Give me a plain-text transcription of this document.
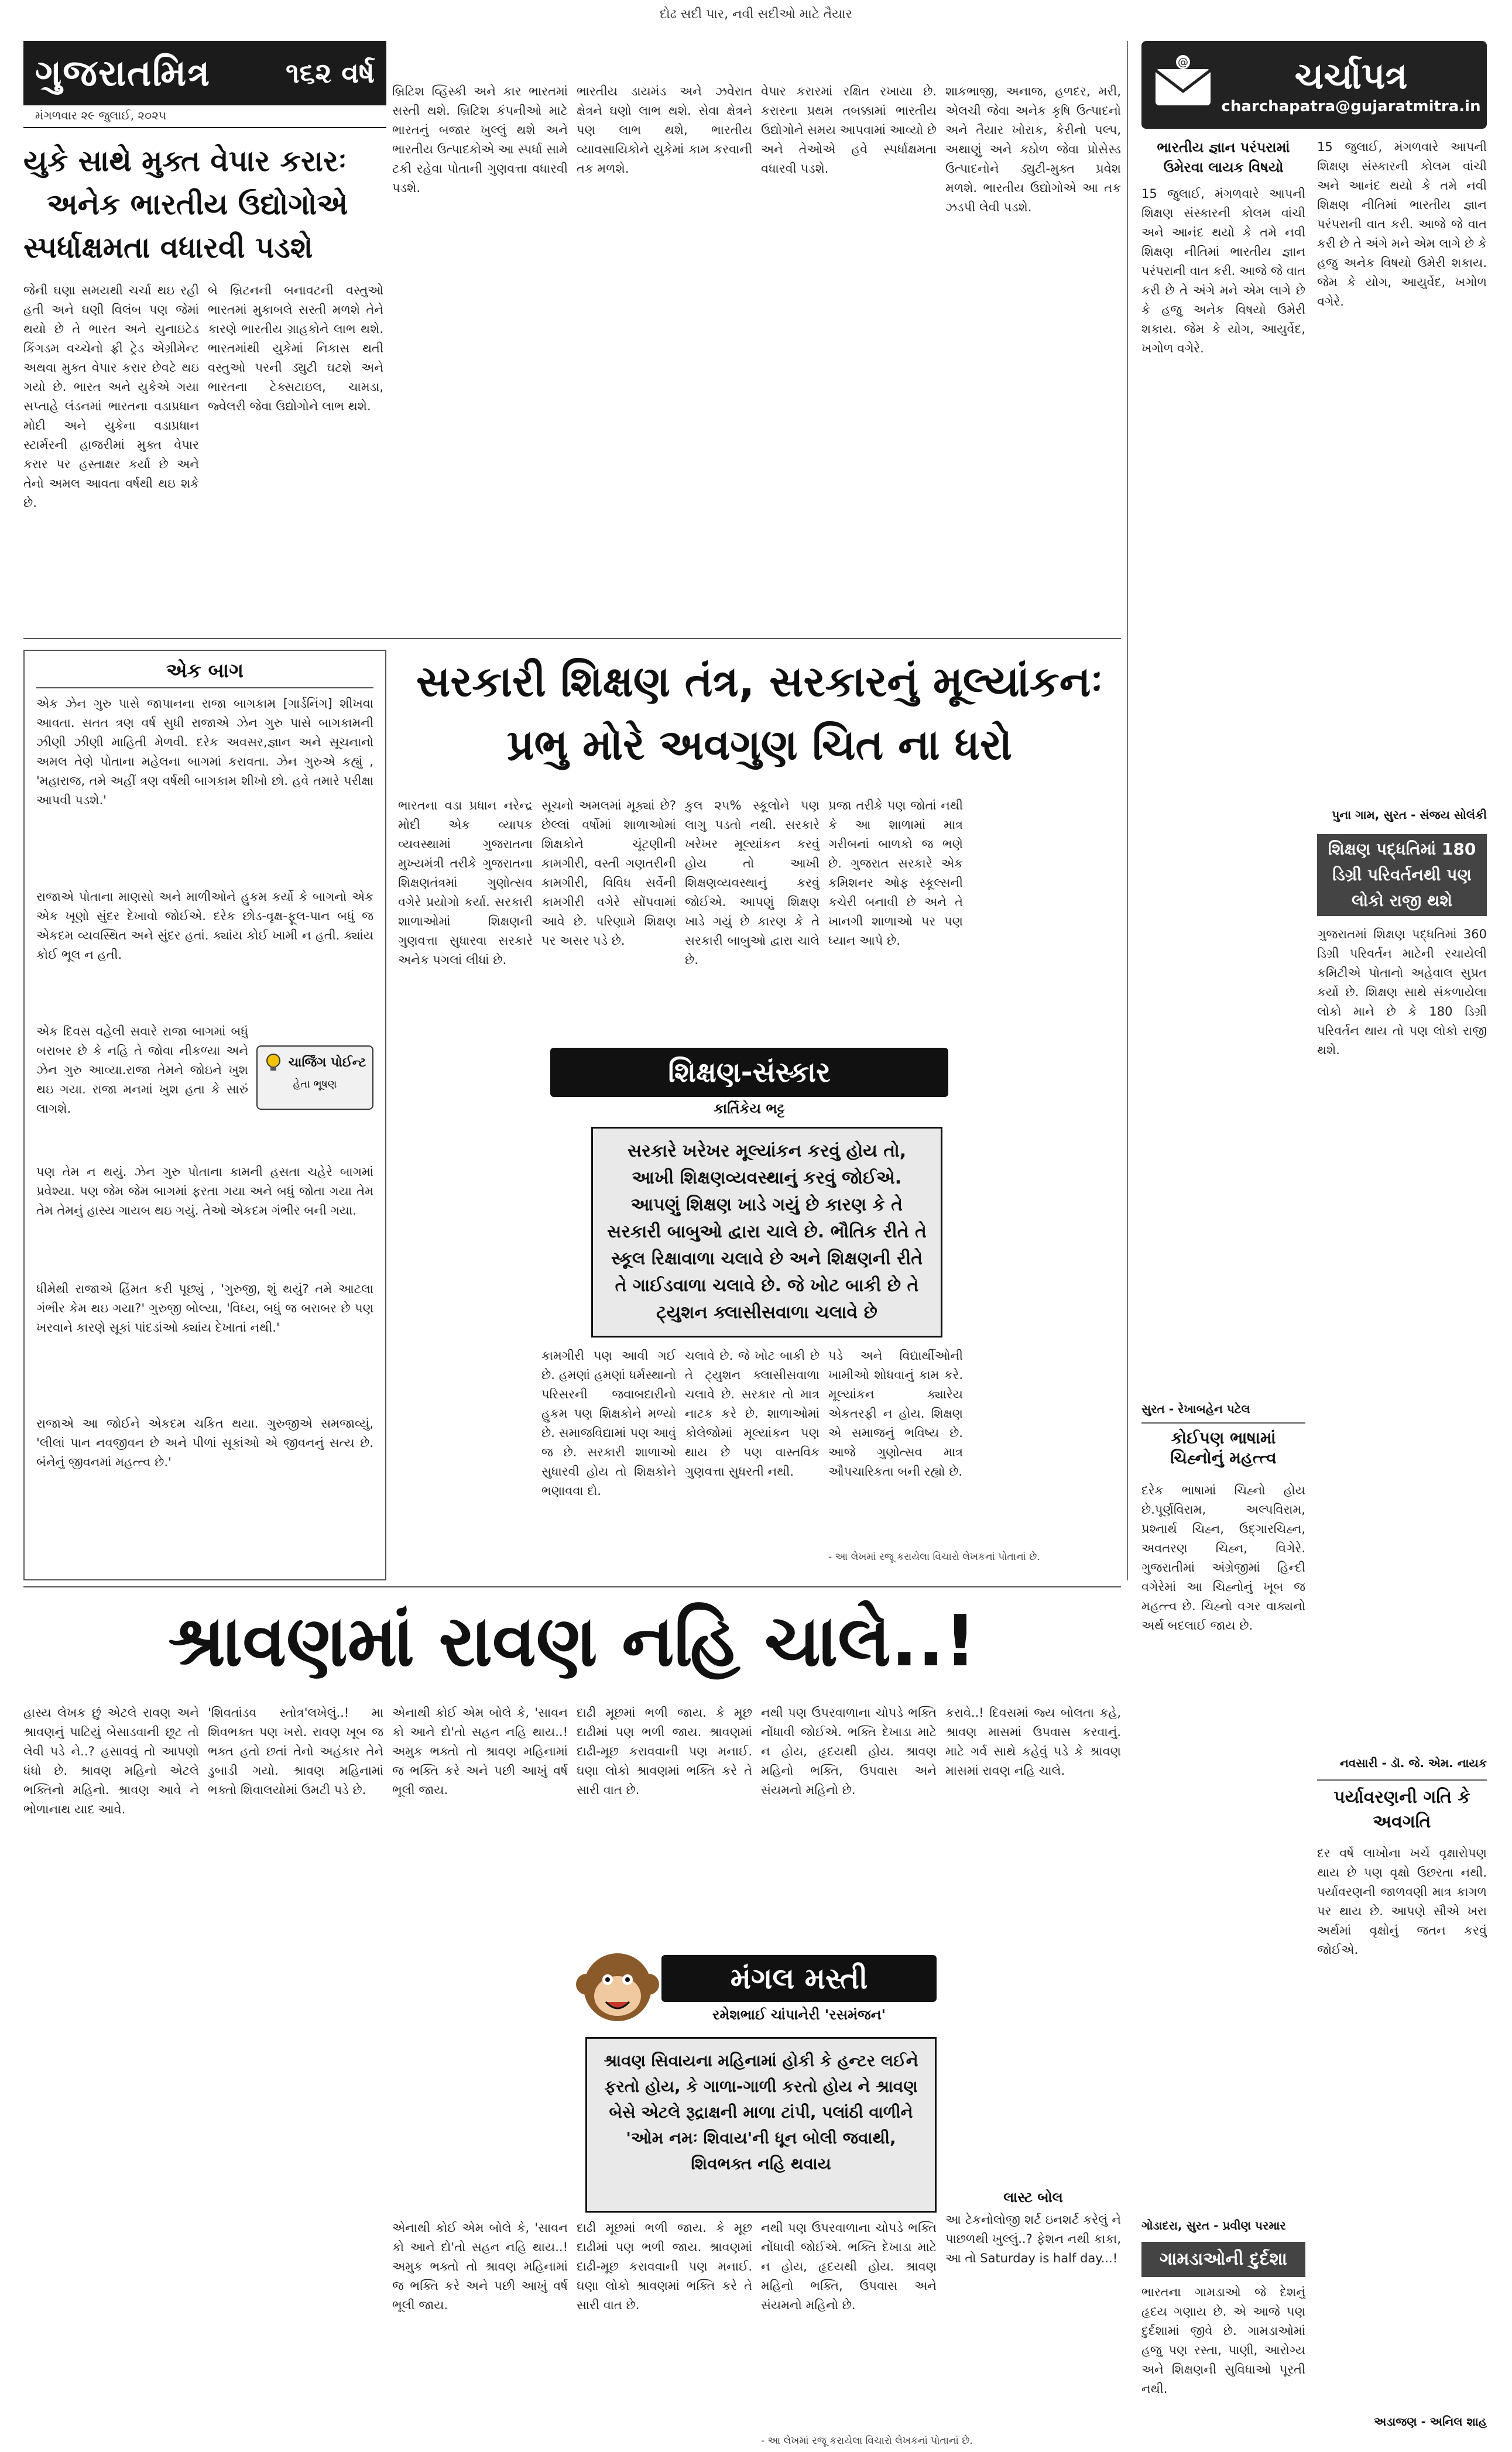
દોઢ સદી પાર, નવી સદીઓ માટે તૈયાર
ગુજરાતમિત્ર	૧૬૨ વર્ષ
મંગળવાર ૨૯ જુલાઈ, ૨૦૨૫
યુકે સાથે મુક્ત વેપાર કરારઃ
અનેક ભારતીય ઉદ્યોગોએ
સ્પર્ધાક્ષમતા વધારવી પડશે
જેની ઘણા સમયથી ચર્ચા થઇ રહી હતી અને ઘણી વિલંબ પણ જેમાં થયો છે તે ભારત અને યુનાઇટેડ કિંગડમ વચ્ચેનો ફ્રી ટ્રેડ એગ્રીમેન્ટ અથવા મુક્ત વેપાર કરાર છેવટે થઇ ગયો છે. ભારત અને યુકેએ ગયા સપ્તાહે લંડનમાં ભારતના વડાપ્રધાન મોદી અને યુકેના વડાપ્રધાન સ્ટાર્મરની હાજરીમાં મુક્ત વેપાર કરાર પર હસ્તાક્ષર કર્યા છે અને તેનો અમલ આવતા વર્ષથી થઇ શકે છે.
બે બ્રિટનની બનાવટની વસ્તુઓ ભારતમાં મુકાબલે સસ્તી મળશે તેને કારણે ભારતીય ગ્રાહકોને લાભ થશે. ભારતમાંથી યુકેમાં નિકાસ થતી વસ્તુઓ પરની ડ્યુટી ઘટશે અને ભારતના ટેક્સટાઇલ, ચામડા, જ્વેલરી જેવા ઉદ્યોગોને લાભ થશે.
બ્રિટિશ વ્હિસ્કી અને કાર ભારતમાં સસ્તી થશે. બ્રિટિશ કંપનીઓ માટે ભારતનું બજાર ખુલ્લું થશે અને ભારતીય ઉત્પાદકોએ આ સ્પર્ધા સામે ટકી રહેવા પોતાની ગુણવત્તા વધારવી પડશે.
ભારતીય ડાયમંડ અને ઝવેરાત ક્ષેત્રને ઘણો લાભ થશે. સેવા ક્ષેત્રને પણ લાભ થશે, ભારતીય વ્યાવસાયિકોને યુકેમાં કામ કરવાની તક મળશે.
વેપાર કરારમાં રક્ષિત રખાયા છે. કરારના પ્રથમ તબક્કામાં ભારતીય ઉદ્યોગોને સમય આપવામાં આવ્યો છે અને તેઓએ હવે સ્પર્ધાક્ષમતા વધારવી પડશે.
શાકભાજી, અનાજ, હળદર, મરી, એલચી જેવા અનેક કૃષિ ઉત્પાદનો અને તૈયાર ખોરાક, કેરીનો પલ્પ, અથાણું અને કઠોળ જેવા પ્રોસેસ્ડ ઉત્પાદનોને ડ્યુટી-મુક્ત પ્રવેશ મળશે. ભારતીય ઉદ્યોગોએ આ તક ઝડપી લેવી પડશે.
એક બાગ
એક ઝેન ગુરુ પાસે જાપાનના રાજા બાગકામ [ગાર્ડનિંગ] શીખવા આવતા. સતત ત્રણ વર્ષ સુધી રાજાએ ઝેન ગુરુ પાસે બાગકામની ઝીણી ઝીણી માહિતી મેળવી. દરેક અવસર,જ્ઞાન અને સૂચનાનો અમલ તેણે પોતાના મહેલના બાગમાં કરાવતા. ઝેન ગુરુએ કહ્યું , 'મહારાજ, તમે અહીં ત્રણ વર્ષથી બાગકામ શીખો છો. હવે તમારે પરીક્ષા આપવી પડશે.'
રાજાએ પોતાના માણસો અને માળીઓને હુકમ કર્યો કે બાગનો એક એક ખૂણો સુંદર દેખાવો જોઈએ. દરેક છોડ-વૃક્ષ-ફૂલ-પાન બધું જ એકદમ વ્યવસ્થિત અને સુંદર હતાં. ક્યાંય કોઈ ખામી ન હતી. ક્યાંય કોઈ ભૂલ ન હતી.
એક દિવસ વહેલી સવારે રાજા બાગમાં બધું બરાબર છે કે નહિ તે જોવા નીકળ્યા અને ઝેન ગુરુ આવ્યા.રાજા તેમને જોઇને ખુશ થઇ ગયા. રાજા મનમાં ખુશ હતા કે સારું લાગશે.
ચાર્જિંગ પોઈન્ટ
હેતા ભૂષણ
પણ તેમ ન થયું. ઝેન ગુરુ પોતાના કામની હસતા ચહેરે બાગમાં પ્રવેશ્યા. પણ જેમ જેમ બાગમાં ફરતા ગયા અને બધું જોતા ગયા તેમ તેમ તેમનું હાસ્ય ગાયબ થઇ ગયું. તેઓ એકદમ ગંભીર બની ગયા.
ધીમેથી રાજાએ હિંમત કરી પૂછ્યું , 'ગુરુજી, શું થયું? તમે આટલા ગંભીર કેમ થઇ ગયા?' ગુરુજી બોલ્યા, 'વિધ્ય, બધું જ બરાબર છે પણ ખરવાને કારણે સૂકાં પાંદડાંઓ ક્યાંય દેખાતાં નથી.'
રાજાએ આ જોઈને એકદમ ચકિત થયા. ગુરુજીએ સમજાવ્યું, 'લીલાં પાન નવજીવન છે અને પીળાં સૂકાંઓ એ જીવનનું સત્ય છે. બંનેનું જીવનમાં મહત્ત્વ છે.'
સરકારી શિક્ષણ તંત્ર, સરકારનું મૂલ્યાંકનઃ
પ્રભુ મોરે અવગુણ ચિત ના ધરો
ભારતના વડા પ્રધાન નરેન્દ્ર મોદી એક વ્યાપક વ્યવસ્થામાં ગુજરાતના મુખ્યમંત્રી તરીકે ગુજરાતના શિક્ષણતંત્રમાં ગુણોત્સવ વગેરે પ્રયોગો કર્યા. સરકારી શાળાઓમાં શિક્ષણની ગુણવત્તા સુધારવા સરકારે અનેક પગલાં લીધાં છે.
સૂચનો અમલમાં મૂક્યાં છે? છેલ્લાં વર્ષોમાં શાળાઓમાં શિક્ષકોને ચૂંટણીની કામગીરી, વસ્તી ગણતરીની કામગીરી, વિવિધ સર્વેની કામગીરી વગેરે સોંપવામાં આવે છે. પરિણામે શિક્ષણ પર અસર પડે છે.
કુલ ૨૫% સ્કૂલોને પણ લાગુ પડતો નથી. સરકારે ખરેખર મૂલ્યાંકન કરવું હોય તો આખી શિક્ષણવ્યવસ્થાનું કરવું જોઈએ. આપણું શિક્ષણ ખાડે ગયું છે કારણ કે તે સરકારી બાબુઓ દ્વારા ચાલે છે.
પ્રજા તરીકે પણ જોતાં નથી કે આ શાળામાં માત્ર ગરીબનાં બાળકો જ ભણે છે. ગુજરાત સરકારે એક કમિશનર ઓફ સ્કૂલ્સની કચેરી બનાવી છે અને તે ખાનગી શાળાઓ પર પણ ધ્યાન આપે છે.
શિક્ષણ-સંસ્કાર
કાર્તિકેય ભટ્ટ
સરકારે ખરેખર મૂલ્યાંકન કરવું હોય તો, આખી શિક્ષણવ્યવસ્થાનું કરવું જોઈએ. આપણું શિક્ષણ ખાડે ગયું છે કારણ કે તે સરકારી બાબુઓ દ્વારા ચાલે છે. ભૌતિક રીતે તે સ્કૂલ રિક્ષાવાળા ચલાવે છે અને શિક્ષણની રીતે તે ગાઈડવાળા ચલાવે છે. જે ખોટ બાકી છે તે ટ્યુશન ક્લાસીસવાળા ચલાવે છે
કામગીરી પણ આવી ગઈ છે. હમણાં હમણાં ધર્મસ્થાનો પરિસરની જવાબદારીનો હુકમ પણ શિક્ષકોને મળ્યો છે. સમાજવિદ્યામાં પણ આવું જ છે. સરકારી શાળાઓ સુધારવી હોય તો શિક્ષકોને ભણાવવા દો.
ચલાવે છે. જે ખોટ બાકી છે તે ટ્યુશન ક્લાસીસવાળા ચલાવે છે. સરકાર તો માત્ર નાટક કરે છે. શાળાઓમાં કોલેજોમાં મૂલ્યાંકન પણ થાય છે પણ વાસ્તવિક ગુણવત્તા સુધરતી નથી.
પડે અને વિદ્યાર્થીઓની ખામીઓ શોધવાનું કામ કરે. મૂલ્યાંકન ક્યારેય એકતરફી ન હોય. શિક્ષણ એ સમાજનું ભવિષ્ય છે. આજે ગુણોત્સવ માત્ર ઔપચારિકતા બની રહ્યો છે.
- આ લેખમાં રજૂ કરાયેલા વિચારો લેખકનાં પોતાનાં છે.
@	ચર્ચાપત્ર
charchapatra@gujaratmitra.in
ભારતીય જ્ઞાન પરંપરામાં ઉમેરવા લાયક વિષયો
15 જુલાઈ, મંગળવારે આપની શિક્ષણ સંસ્કારની કોલમ વાંચી અને આનંદ થયો કે તમે નવી શિક્ષણ નીતિમાં ભારતીય જ્ઞાન પરંપરાની વાત કરી. આજે જે વાત કરી છે તે અંગે મને એમ લાગે છે કે હજુ અનેક વિષયો ઉમેરી શકાય. જેમ કે યોગ, આયુર્વેદ, ખગોળ વગેરે.
પુના ગામ, સુરત - સંજય સોલંકી
15 જુલાઈ, મંગળવારે આપની શિક્ષણ સંસ્કારની કોલમ વાંચી અને આનંદ થયો કે તમે નવી શિક્ષણ નીતિમાં ભારતીય જ્ઞાન પરંપરાની વાત કરી. આજે જે વાત કરી છે તે અંગે મને એમ લાગે છે કે હજુ અનેક વિષયો ઉમેરી શકાય. જેમ કે યોગ, આયુર્વેદ, ખગોળ વગેરે.
શિક્ષણ પદ્ધતિમાં 180 ડિગ્રી પરિવર્તનથી પણ લોકો રાજી થશે
ગુજરાતમાં શિક્ષણ પદ્ધતિમાં 360 ડિગ્રી પરિવર્તન માટેની રચાયેલી કમિટીએ પોતાનો અહેવાલ સુપ્રત કર્યો છે. શિક્ષણ સાથે સંકળાયેલા લોકો માને છે કે 180 ડિગ્રી પરિવર્તન થાય તો પણ લોકો રાજી થશે.
નવસારી - ડૉ. જે. એમ. નાયક
સુરત - રેખાબહેન પટેલ
કોઈપણ ભાષામાં ચિહ્નોનું મહત્ત્વ
દરેક ભાષામાં ચિહ્નો હોય છે.પૂર્ણવિરામ, અલ્પવિરામ, પ્રશ્નાર્થ ચિહ્ન, ઉદ્ગારચિહ્ન, અવતરણ ચિહ્ન, વિગેરે. ગુજરાતીમાં અંગ્રેજીમાં હિન્દી વગેરેમાં આ ચિહ્નોનું ખૂબ જ મહત્ત્વ છે. ચિહ્નો વગર વાક્યનો અર્થ બદલાઈ જાય છે.
ગોડાદરા, સુરત - પ્રવીણ પરમાર
ગામડાઓની દુર્દશા
ભારતના ગામડાઓ જે દેશનું હૃદય ગણાય છે. એ આજે પણ દુર્દશામાં જીવે છે. ગામડાઓમાં હજુ પણ રસ્તા, પાણી, આરોગ્ય અને શિક્ષણની સુવિધાઓ પૂરતી નથી.
પર્યાવરણની ગતિ કે અવગતિ
દર વર્ષે લાખોના ખર્ચે વૃક્ષારોપણ થાય છે પણ વૃક્ષો ઉછરતા નથી. પર્યાવરણની જાળવણી માત્ર કાગળ પર થાય છે. આપણે સૌએ ખરા અર્થમાં વૃક્ષોનું જતન કરવું જોઈએ.
અડાજણ - અનિલ શાહ
શ્રાવણમાં રાવણ નહિ ચાલે..!
હાસ્ય લેખક છું એટલે રાવણ અને શ્રાવણનું પાટિયું બેસાડવાની છૂટ તો લેવી પડે ને..? હસાવવું તો આપણો ધંધો છે. શ્રાવણ મહિનો એટલે ભક્તિનો મહિનો. શ્રાવણ આવે ને ભોળાનાથ યાદ આવે.
'શિવતાંડવ સ્તોત્ર'લખેલું..! મા શિવભક્ત પણ ખરો. રાવણ ખૂબ જ ભક્ત હતો છતાં તેનો અહંકાર તેને ડુબાડી ગયો. શ્રાવણ મહિનામાં ભક્તો શિવાલયોમાં ઉમટી પડે છે.
એનાથી કોઈ એમ બોલે કે, 'સાવન કો આને દો'તો સહન નહિ થાય..! અમુક ભક્તો તો શ્રાવણ મહિનામાં જ ભક્તિ કરે અને પછી આખું વર્ષ ભૂલી જાય.
દાઢી મૂછમાં ભળી જાય. કે મૂછ દાઢીમાં પણ ભળી જાય. શ્રાવણમાં દાઢી-મૂછ કરાવવાની પણ મનાઈ. ઘણા લોકો શ્રાવણમાં ભક્તિ કરે તે સારી વાત છે.
નથી પણ ઉપરવાળાના ચોપડે ભક્તિ નોંધાવી જોઈએ. ભક્તિ દેખાડા માટે ન હોય, હૃદયથી હોય. શ્રાવણ મહિનો ભક્તિ, ઉપવાસ અને સંયમનો મહિનો છે.
કરાવે..! દિવસમાં જ્ય બોલતા કહે, શ્રાવણ માસમાં ઉપવાસ કરવાનું. માટે ગર્વ સાથે કહેવું પડે કે શ્રાવણ માસમાં રાવણ નહિ ચાલે.
મંગલ મસ્તી
રમેશભાઈ ચાંપાનેરી 'રસમંજન'
શ્રાવણ સિવાયના મહિનામાં હોકી કે હન્ટર લઈને ફરતો હોય, કે ગાળા-ગાળી કરતો હોય ને શ્રાવણ બેસે એટલે રૂદ્રાક્ષની માળા ટાંપી, પલાંઠી વાળીને 'ઓમ નમઃ શિવાય'ની ધૂન બોલી જવાથી, શિવભક્ત નહિ થવાય
એનાથી કોઈ એમ બોલે કે, 'સાવન કો આને દો'તો સહન નહિ થાય..! અમુક ભક્તો તો શ્રાવણ મહિનામાં જ ભક્તિ કરે અને પછી આખું વર્ષ ભૂલી જાય.
દાઢી મૂછમાં ભળી જાય. કે મૂછ દાઢીમાં પણ ભળી જાય. શ્રાવણમાં દાઢી-મૂછ કરાવવાની પણ મનાઈ. ઘણા લોકો શ્રાવણમાં ભક્તિ કરે તે સારી વાત છે.
નથી પણ ઉપરવાળાના ચોપડે ભક્તિ નોંધાવી જોઈએ. ભક્તિ દેખાડા માટે ન હોય, હૃદયથી હોય. શ્રાવણ મહિનો ભક્તિ, ઉપવાસ અને સંયમનો મહિનો છે.
લાસ્ટ બોલ
આ ટેકનોલોજી શર્ટ ઇનશર્ટ કરેલું ને પાછળથી ખુલ્લું..? ફેશન નથી કાકા, આ તો Saturday is half day...!
- આ લેખમાં રજૂ કરાયેલા વિચારો લેખકનાં પોતાનાં છે.
